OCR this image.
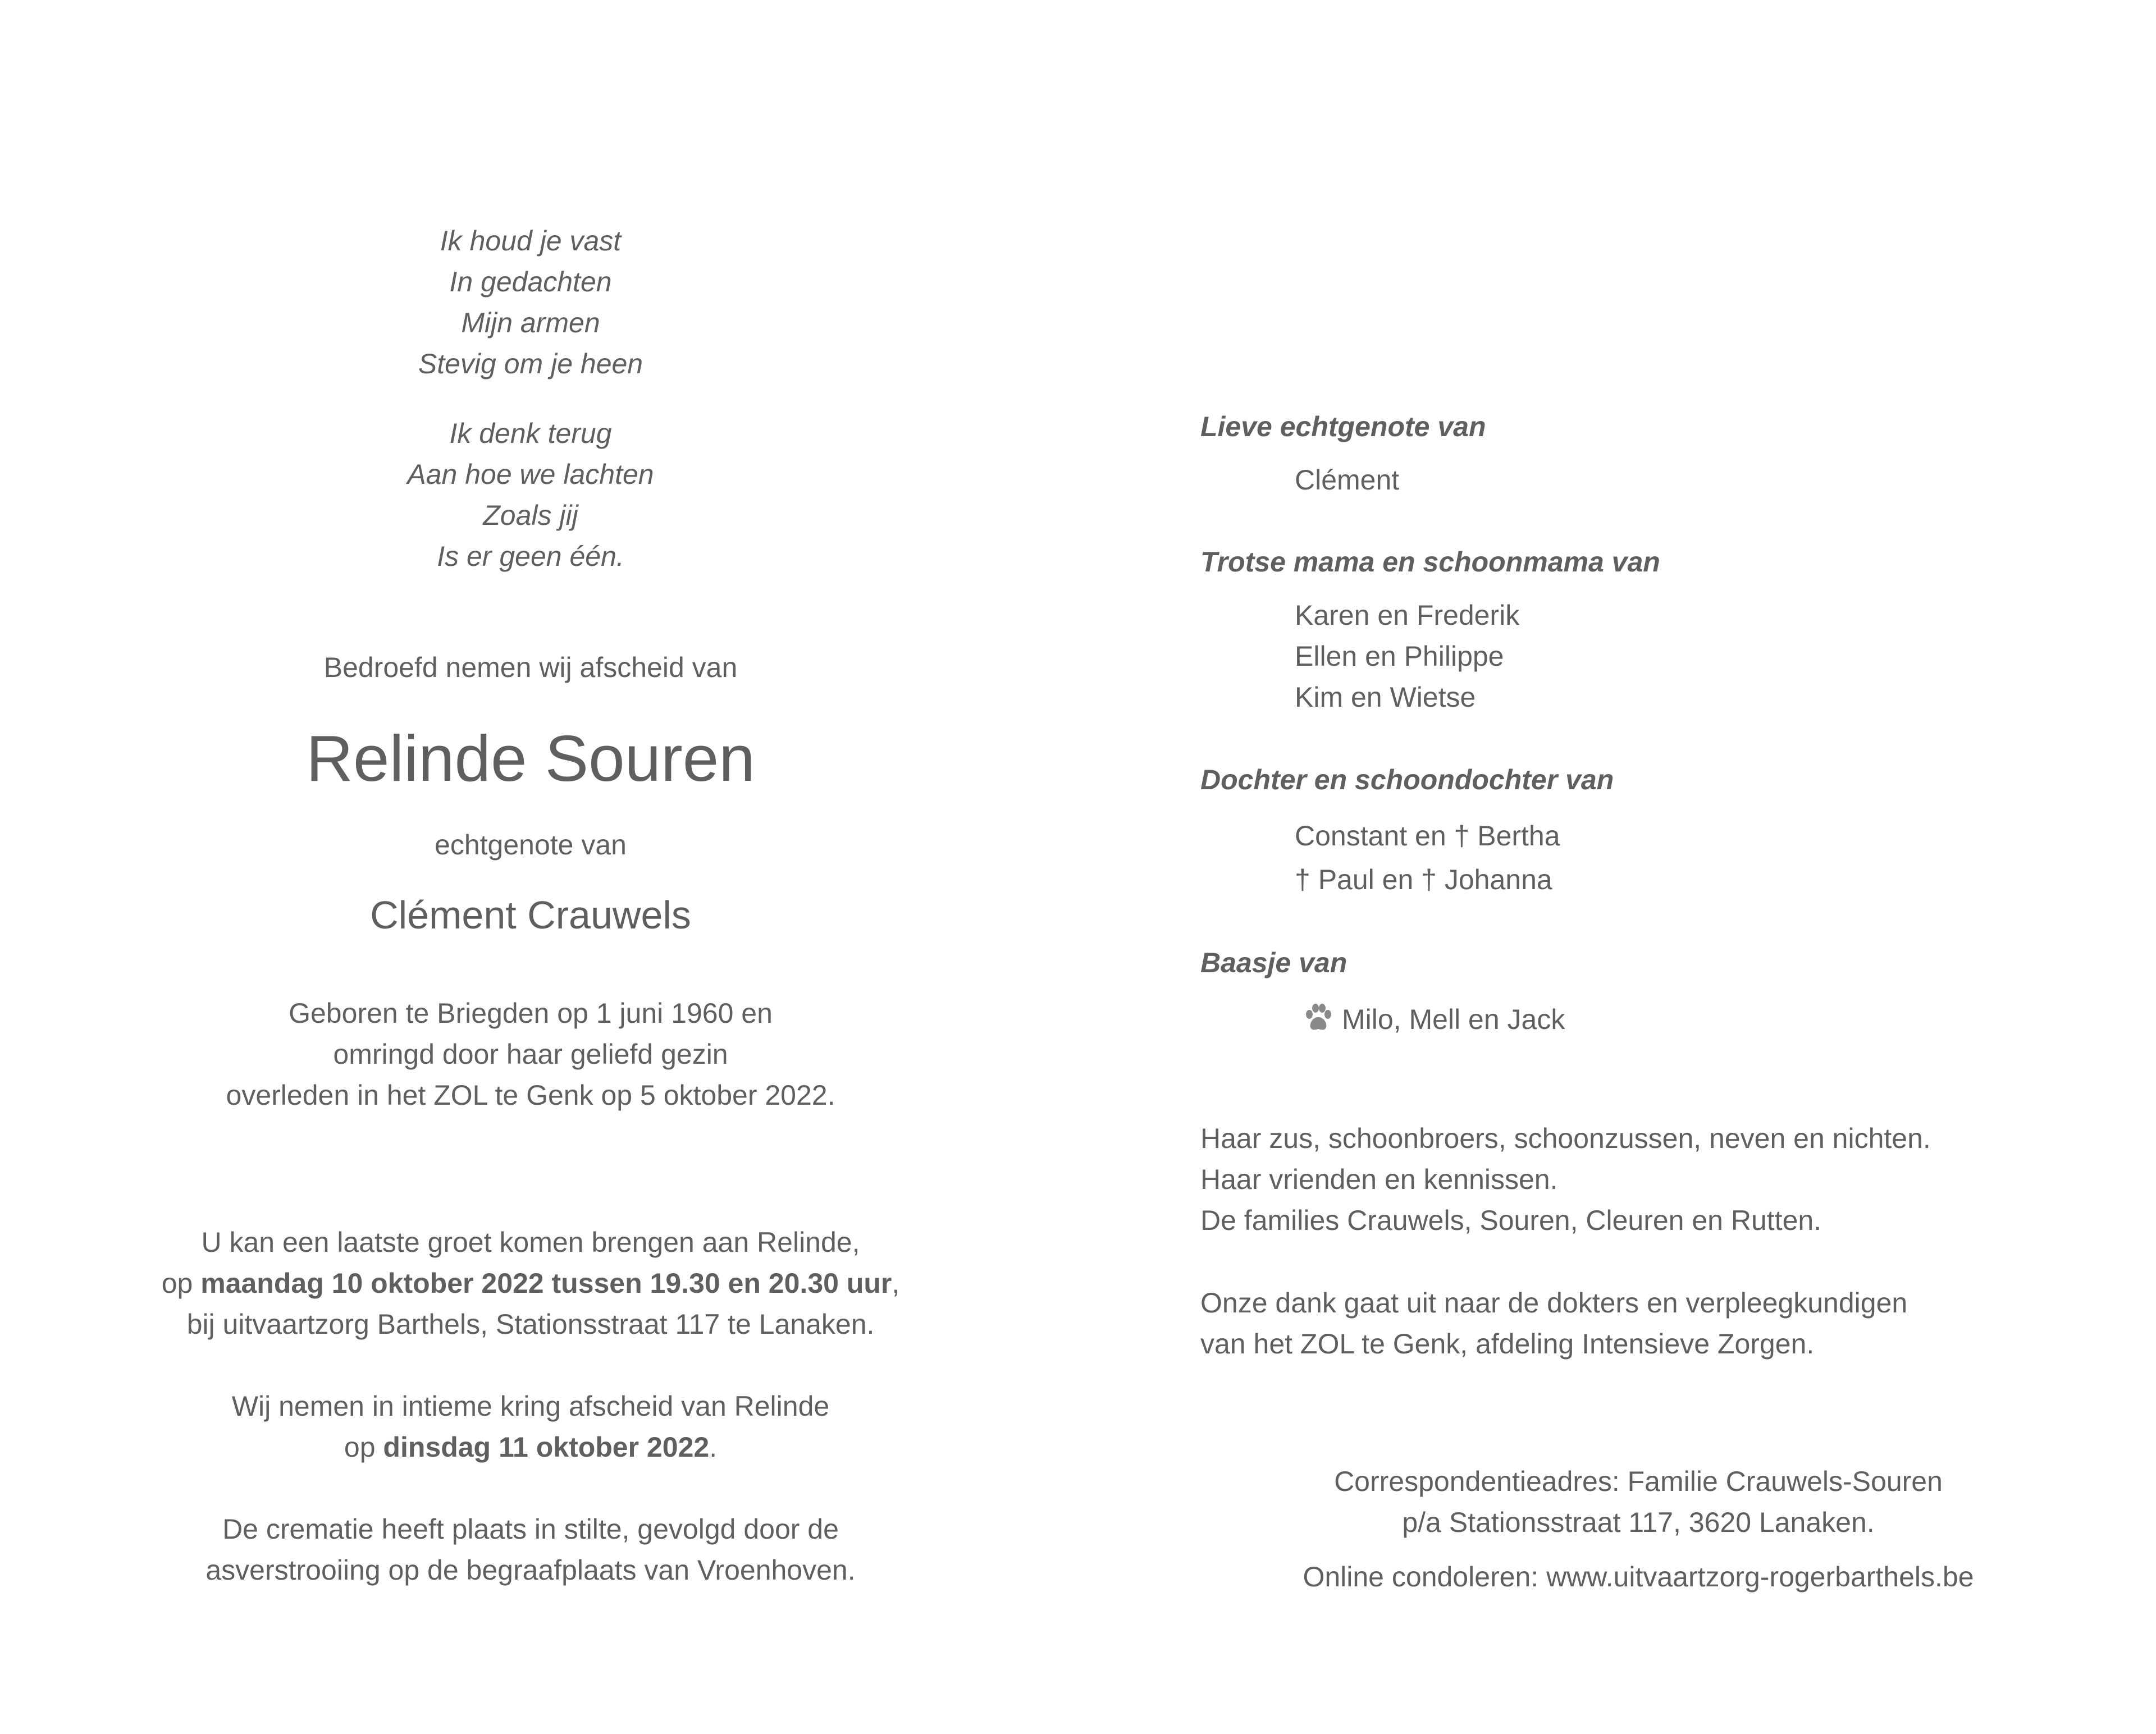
Ik houd je vast
In gedachten
Mijn armen
Stevig om je heen
Ik denk terug
Aan hoe we lachten
Zoals jij
Is er geen één.
Bedroefd nemen wij afscheid van
Relinde Souren
echtgenote van
Clément Crauwels
Geboren te Briegden op 1 juni 1960 en
omringd door haar geliefd gezin
overleden in het ZOL te Genk op 5 oktober 2022.
U kan een laatste groet komen brengen aan Relinde,
op maandag 10 oktober 2022 tussen 19.30 en 20.30 uur,
bij uitvaartzorg Barthels, Stationsstraat 117 te Lanaken.
Wij nemen in intieme kring afscheid van Relinde
op dinsdag 11 oktober 2022.
De crematie heeft plaats in stilte, gevolgd door de
asverstrooiing op de begraafplaats van Vroenhoven.
Lieve echtgenote van
Clément
Trotse mama en schoonmama van
Karen en Frederik
Ellen en Philippe
Kim en Wietse
Dochter en schoondochter van
Constant en † Bertha
† Paul en † Johanna
Baasje van
Milo, Mell en Jack
Haar zus, schoonbroers, schoonzussen, neven en nichten.
Haar vrienden en kennissen.
De families Crauwels, Souren, Cleuren en Rutten.
Onze dank gaat uit naar de dokters en verpleegkundigen
van het ZOL te Genk, afdeling Intensieve Zorgen.
Correspondentieadres: Familie Crauwels-Souren
p/a Stationsstraat 117, 3620 Lanaken.
Online condoleren: www.uitvaartzorg-rogerbarthels.be
